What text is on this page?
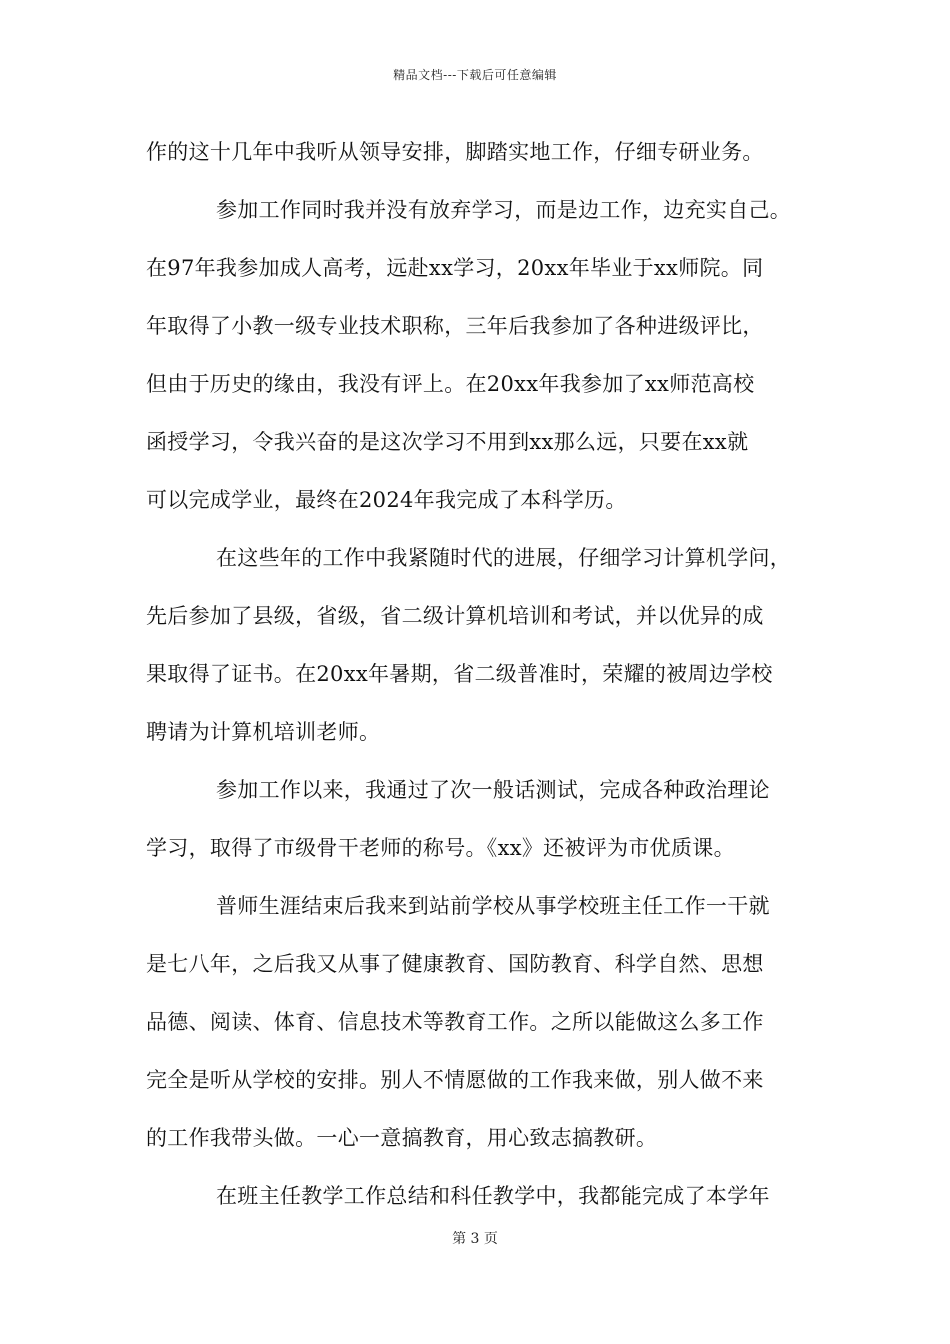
精品文档---下载后可任意编辑
作的这十几年中我听从领导安排，脚踏实地工作，仔细专研业务。
参加工作同时我并没有放弃学习，而是边工作，边充实自己。
在97年我参加成人高考，远赴xx学习，20xx年毕业于xx师院。同
年取得了小教一级专业技术职称，三年后我参加了各种进级评比，
但由于历史的缘由，我没有评上。在20xx年我参加了xx师范高校
函授学习，令我兴奋的是这次学习不用到xx那么远，只要在xx就
可以完成学业，最终在2024年我完成了本科学历。
在这些年的工作中我紧随时代的进展，仔细学习计算机学问，
先后参加了县级，省级，省二级计算机培训和考试，并以优异的成
果取得了证书。在20xx年暑期，省二级普准时，荣耀的被周边学校
聘请为计算机培训老师。
参加工作以来，我通过了次一般话测试，完成各种政治理论
学习，取得了市级骨干老师的称号。《xx》还被评为市优质课。
普师生涯结束后我来到站前学校从事学校班主任工作一干就
是七八年，之后我又从事了健康教育、国防教育、科学自然、思想
品德、阅读、体育、信息技术等教育工作。之所以能做这么多工作
完全是听从学校的安排。别人不情愿做的工作我来做，别人做不来
的工作我带头做。一心一意搞教育，用心致志搞教研。
在班主任教学工作总结和科任教学中，我都能完成了本学年
第 3 页
